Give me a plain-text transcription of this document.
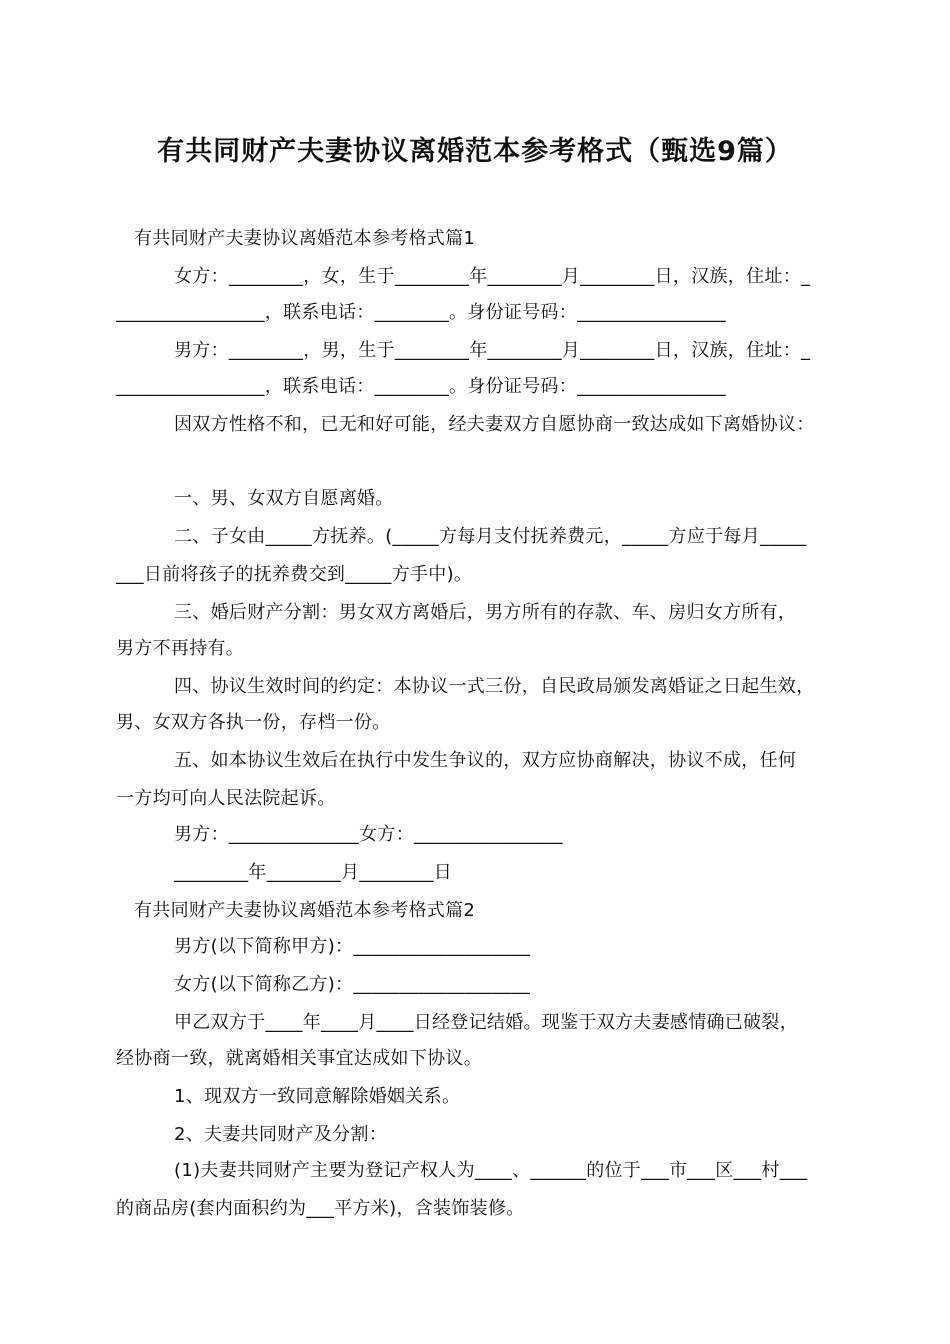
有共同财产夫妻协议离婚范本参考格式（甄选9篇）
有共同财产夫妻协议离婚范本参考格式篇1
女方：________，女，生于________年________月________日，汉族，住址：_
________________，联系电话：________。身份证号码：________________
男方：________，男，生于________年________月________日，汉族，住址：_
________________，联系电话：________。身份证号码：________________
因双方性格不和，已无和好可能，经夫妻双方自愿协商一致达成如下离婚协议：
一、男、女双方自愿离婚。
二、子女由_____方抚养。(_____方每月支付抚养费元，_____方应于每月_____
___日前将孩子的抚养费交到_____方手中)。
三、婚后财产分割：男女双方离婚后，男方所有的存款、车、房归女方所有，
男方不再持有。
四、协议生效时间的约定：本协议一式三份，自民政局颁发离婚证之日起生效，
男、女双方各执一份，存档一份。
五、如本协议生效后在执行中发生争议的，双方应协商解决，协议不成，任何
一方均可向人民法院起诉。
男方：______________女方：________________
________年________月________日
有共同财产夫妻协议离婚范本参考格式篇2
男方(以下简称甲方)：___________________
女方(以下简称乙方)：___________________
甲乙双方于____年____月____日经登记结婚。现鉴于双方夫妻感情确已破裂，
经协商一致，就离婚相关事宜达成如下协议。
1、现双方一致同意解除婚姻关系。
2、夫妻共同财产及分割：
(1)夫妻共同财产主要为登记产权人为____、______的位于___市___区___村___
的商品房(套内面积约为___平方米)，含装饰装修。
